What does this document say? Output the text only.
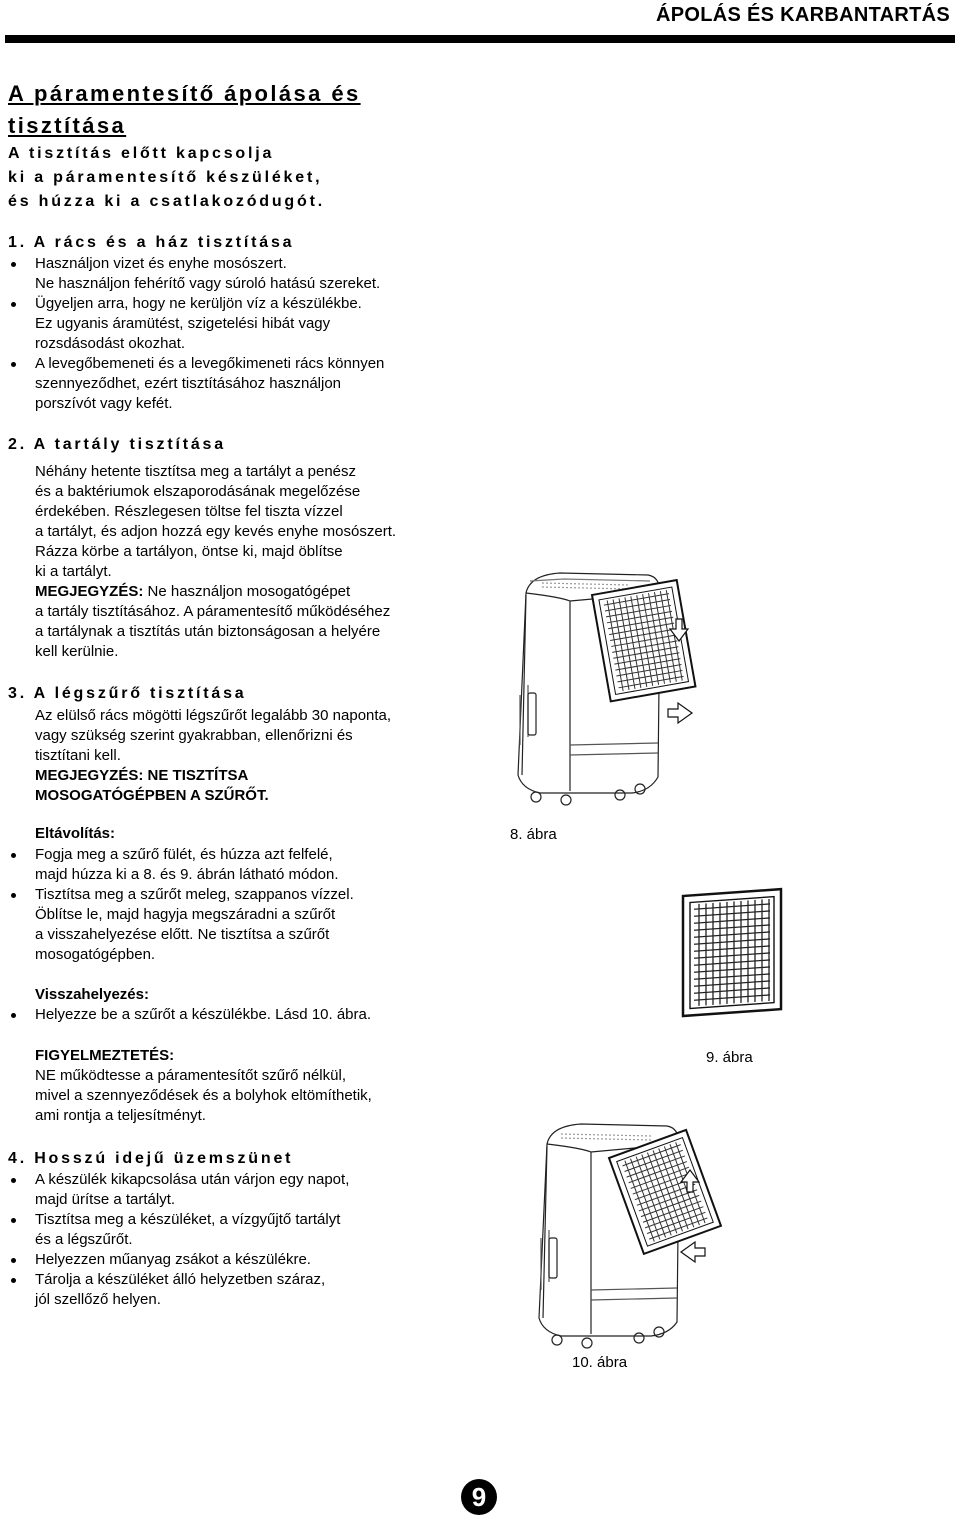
ÁPOLÁS ÉS KARBANTARTÁS
A páramentesítő ápolása és
tisztítása
A tisztítás előtt kapcsolja
ki a páramentesítő készüléket,
és húzza ki a csatlakozódugót.
1. A rács és a ház tisztítása
Használjon vizet és enyhe mosószert.
Ne használjon fehérítő vagy súroló hatású szereket.
Ügyeljen arra, hogy ne kerüljön víz a készülékbe.
Ez ugyanis áramütést, szigetelési hibát vagy
rozsdásodást okozhat.
A levegőbemeneti és a levegőkimeneti rács könnyen
szennyeződhet, ezért tisztításához használjon
porszívót vagy kefét.
2. A tartály tisztítása
Néhány hetente tisztítsa meg a tartályt a penész
és a baktériumok elszaporodásának megelőzése
érdekében. Részlegesen töltse fel tiszta vízzel
a tartályt, és adjon hozzá egy kevés enyhe mosószert.
Rázza körbe a tartályon, öntse ki, majd öblítse
ki a tartályt.
MEGJEGYZÉS: Ne használjon mosogatógépet
a tartály tisztításához. A páramentesítő működéséhez
a tartálynak a tisztítás után biztonságosan a helyére
kell kerülnie.
3. A légszűrő tisztítása
Az elülső rács mögötti légszűrőt legalább 30 naponta,
vagy szükség szerint gyakrabban, ellenőrizni és
tisztítani kell.
MEGJEGYZÉS: NE TISZTÍTSA
MOSOGATÓGÉPBEN A SZŰRŐT.
Eltávolítás:
Fogja meg a szűrő fülét, és húzza azt felfelé,
majd húzza ki a 8. és 9. ábrán látható módon.
Tisztítsa meg a szűrőt meleg, szappanos vízzel.
Öblítse le, majd hagyja megszáradni a szűrőt
a visszahelyezése előtt. Ne tisztítsa a szűrőt
mosogatógépben.
Visszahelyezés:
Helyezze be a szűrőt a készülékbe. Lásd 10. ábra.
FIGYELMEZTETÉS:
NE működtesse a páramentesítőt szűrő nélkül,
mivel a szennyeződések és a bolyhok eltömíthetik,
ami rontja a teljesítményt.
4. Hosszú idejű üzemszünet
A készülék kikapcsolása után várjon egy napot,
majd ürítse a tartályt.
Tisztítsa meg a készüléket, a vízgyűjtő tartályt
és a légszűrőt.
Helyezzen műanyag zsákot a készülékre.
Tárolja a készüléket álló helyzetben száraz,
jól szellőző helyen.
8. ábra
9. ábra
10. ábra
9
